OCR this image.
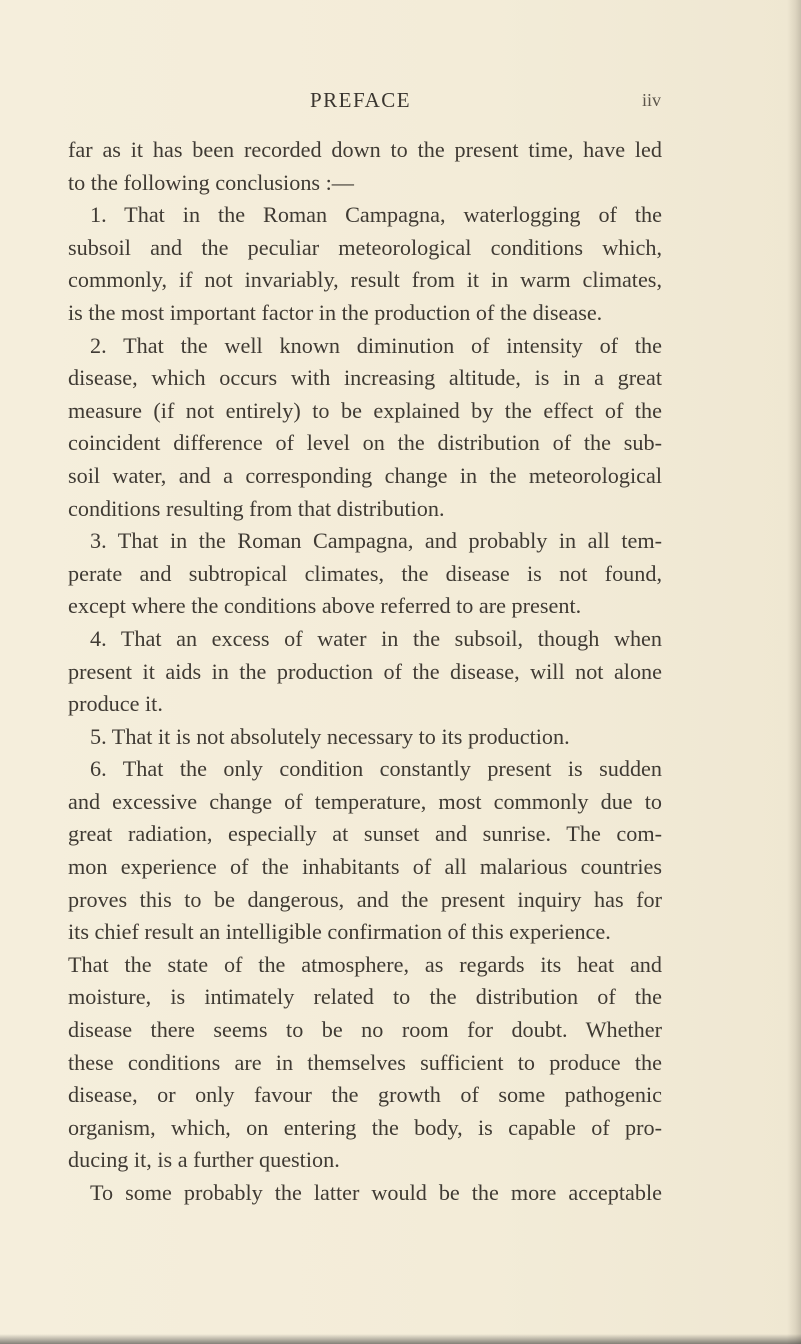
PREFACE	iiv
far as it has been recorded down to the present time, have led
to the following conclusions :—
1. That in the Roman Campagna, waterlogging of the
subsoil and the peculiar meteorological conditions which,
commonly, if not invariably, result from it in warm climates,
is the most important factor in the production of the disease.
2. That the well known diminution of intensity of the
disease, which occurs with increasing altitude, is in a great
measure (if not entirely) to be explained by the effect of the
coincident difference of level on the distribution of the sub-
soil water, and a corresponding change in the meteorological
conditions resulting from that distribution.
3. That in the Roman Campagna, and probably in all tem-
perate and subtropical climates, the disease is not found,
except where the conditions above referred to are present.
4. That an excess of water in the subsoil, though when
present it aids in the production of the disease, will not alone
produce it.
5. That it is not absolutely necessary to its production.
6. That the only condition constantly present is sudden
and excessive change of temperature, most commonly due to
great radiation, especially at sunset and sunrise. The com-
mon experience of the inhabitants of all malarious countries
proves this to be dangerous, and the present inquiry has for
its chief result an intelligible confirmation of this experience.
That the state of the atmosphere, as regards its heat and
moisture, is intimately related to the distribution of the
disease there seems to be no room for doubt. Whether
these conditions are in themselves sufficient to produce the
disease, or only favour the growth of some pathogenic
organism, which, on entering the body, is capable of pro-
ducing it, is a further question.
To some probably the latter would be the more acceptable
